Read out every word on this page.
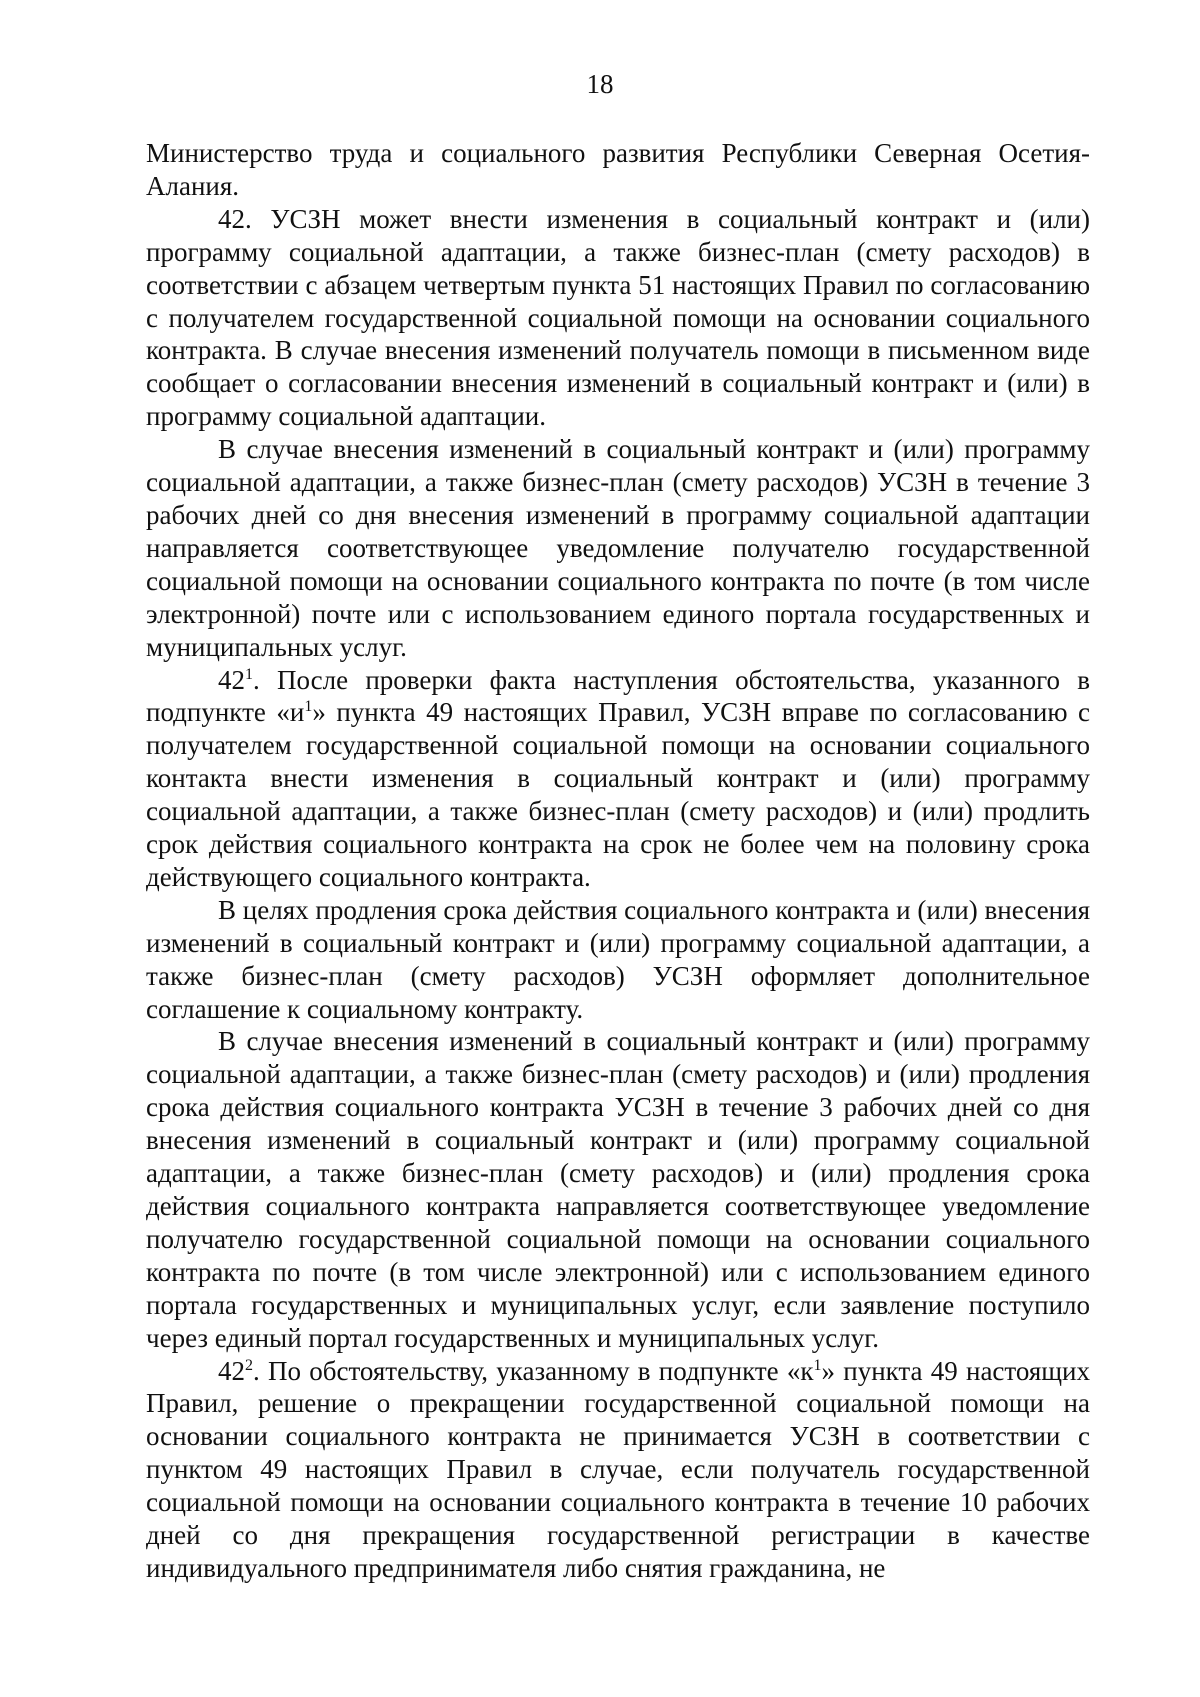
18

Министерство труда и социального развития Республики Северная Осетия-Алания.

42. УСЗН может внести изменения в социальный контракт и (или) программу социальной адаптации, а также бизнес-план (смету расходов) в соответствии с абзацем четвертым пункта 51 настоящих Правил по согласованию с получателем государственной социальной помощи на основании социального контракта. В случае внесения изменений получатель помощи в письменном виде сообщает о согласовании внесения изменений в социальный контракт и (или) в программу социальной адаптации.

В случае внесения изменений в социальный контракт и (или) программу социальной адаптации, а также бизнес-план (смету расходов) УСЗН в течение 3 рабочих дней со дня внесения изменений в программу социальной адаптации направляется соответствующее уведомление получателю государственной социальной помощи на основании социального контракта по почте (в том числе электронной) почте или с использованием единого портала государственных и муниципальных услуг.

$42^1$. После проверки факта наступления обстоятельства, указанного в подпункте «$и^1$» пункта 49 настоящих Правил, УСЗН вправе по согласованию с получателем государственной социальной помощи на основании социального контакта внести изменения в социальный контракт и (или) программу социальной адаптации, а также бизнес-план (смету расходов) и (или) продлить срок действия социального контракта на срок не более чем на половину срока действующего социального контракта.

В целях продления срока действия социального контракта и (или) внесения изменений в социальный контракт и (или) программу социальной адаптации, а также бизнес-план (смету расходов) УСЗН оформляет дополнительное соглашение к социальному контракту.

В случае внесения изменений в социальный контракт и (или) программу социальной адаптации, а также бизнес-план (смету расходов) и (или) продления срока действия социального контракта УСЗН в течение 3 рабочих дней со дня внесения изменений в социальный контракт и (или) программу социальной адаптации, а также бизнес-план (смету расходов) и (или) продления срока действия социального контракта направляется соответствующее уведомление получателю государственной социальной помощи на основании социального контракта по почте (в том числе электронной) или с использованием единого портала государственных и муниципальных услуг, если заявление поступило через единый портал государственных и муниципальных услуг.

$42^2$. По обстоятельству, указанному в подпункте «$к^1$» пункта 49 настоящих Правил, решение о прекращении государственной социальной помощи на основании социального контракта не принимается УСЗН в соответствии с пунктом 49 настоящих Правил в случае, если получатель государственной социальной помощи на основании социального контракта в течение 10 рабочих дней со дня прекращения государственной регистрации в качестве индивидуального предпринимателя либо снятия гражданина, не
